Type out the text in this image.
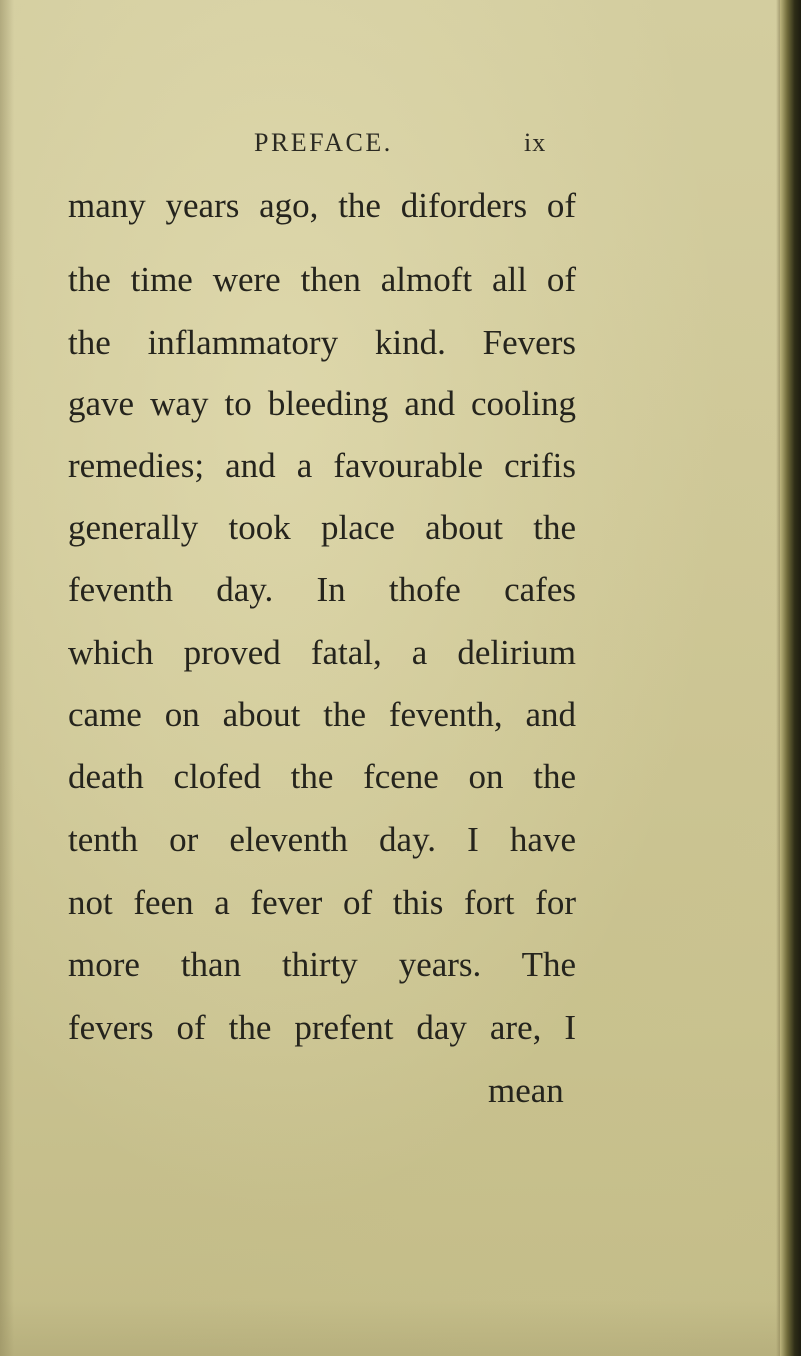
PREFACE.	ix
many years ago, the diforders of
the time were then almoft all of
the inflammatory kind. Fevers
gave way to bleeding and cooling
remedies; and a favourable crifis
generally took place about the
feventh day. In thofe cafes
which proved fatal, a delirium
came on about the feventh, and
death clofed the fcene on the
tenth or eleventh day. I have
not feen a fever of this fort for
more than thirty years. The
fevers of the prefent day are, I
mean
